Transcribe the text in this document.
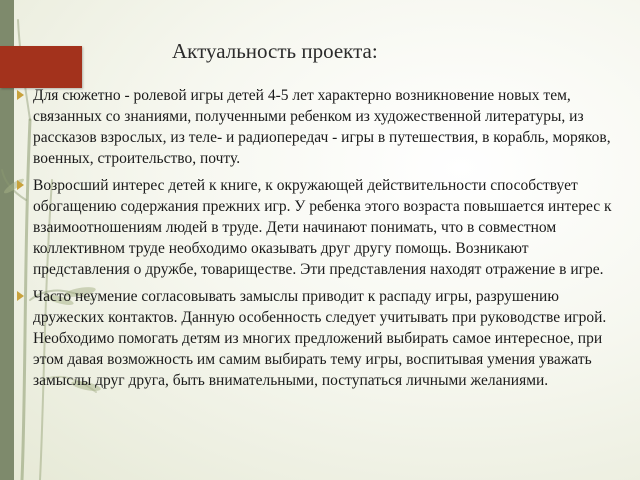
Актуальность проекта:
Для сюжетно - ролевой игры детей 4-5 лет характерно возникновение новых тем, связанных со знаниями, полученными ребенком из художественной литературы, из рассказов взрослых, из теле- и радиопередач - игры в путешествия, в корабль, моряков, военных, строительство, почту.
Возросший интерес детей к книге, к окружающей действительности способствует обогащению содержания прежних игр. У ребенка этого возраста повышается интерес к взаимоотношениям людей в труде. Дети начинают понимать, что в совместном коллективном труде необходимо оказывать друг другу помощь. Возникают представления о дружбе, товариществе. Эти представления находят отражение в игре.
Часто неумение согласовывать замыслы приводит к распаду игры, разрушению дружеских контактов. Данную особенность следует учитывать при руководстве игрой. Необходимо помогать детям из многих предложений выбирать самое интересное, при этом давая возможность им самим выбирать тему игры, воспитывая умения уважать замыслы друг друга, быть внимательными, поступаться личными желаниями.
